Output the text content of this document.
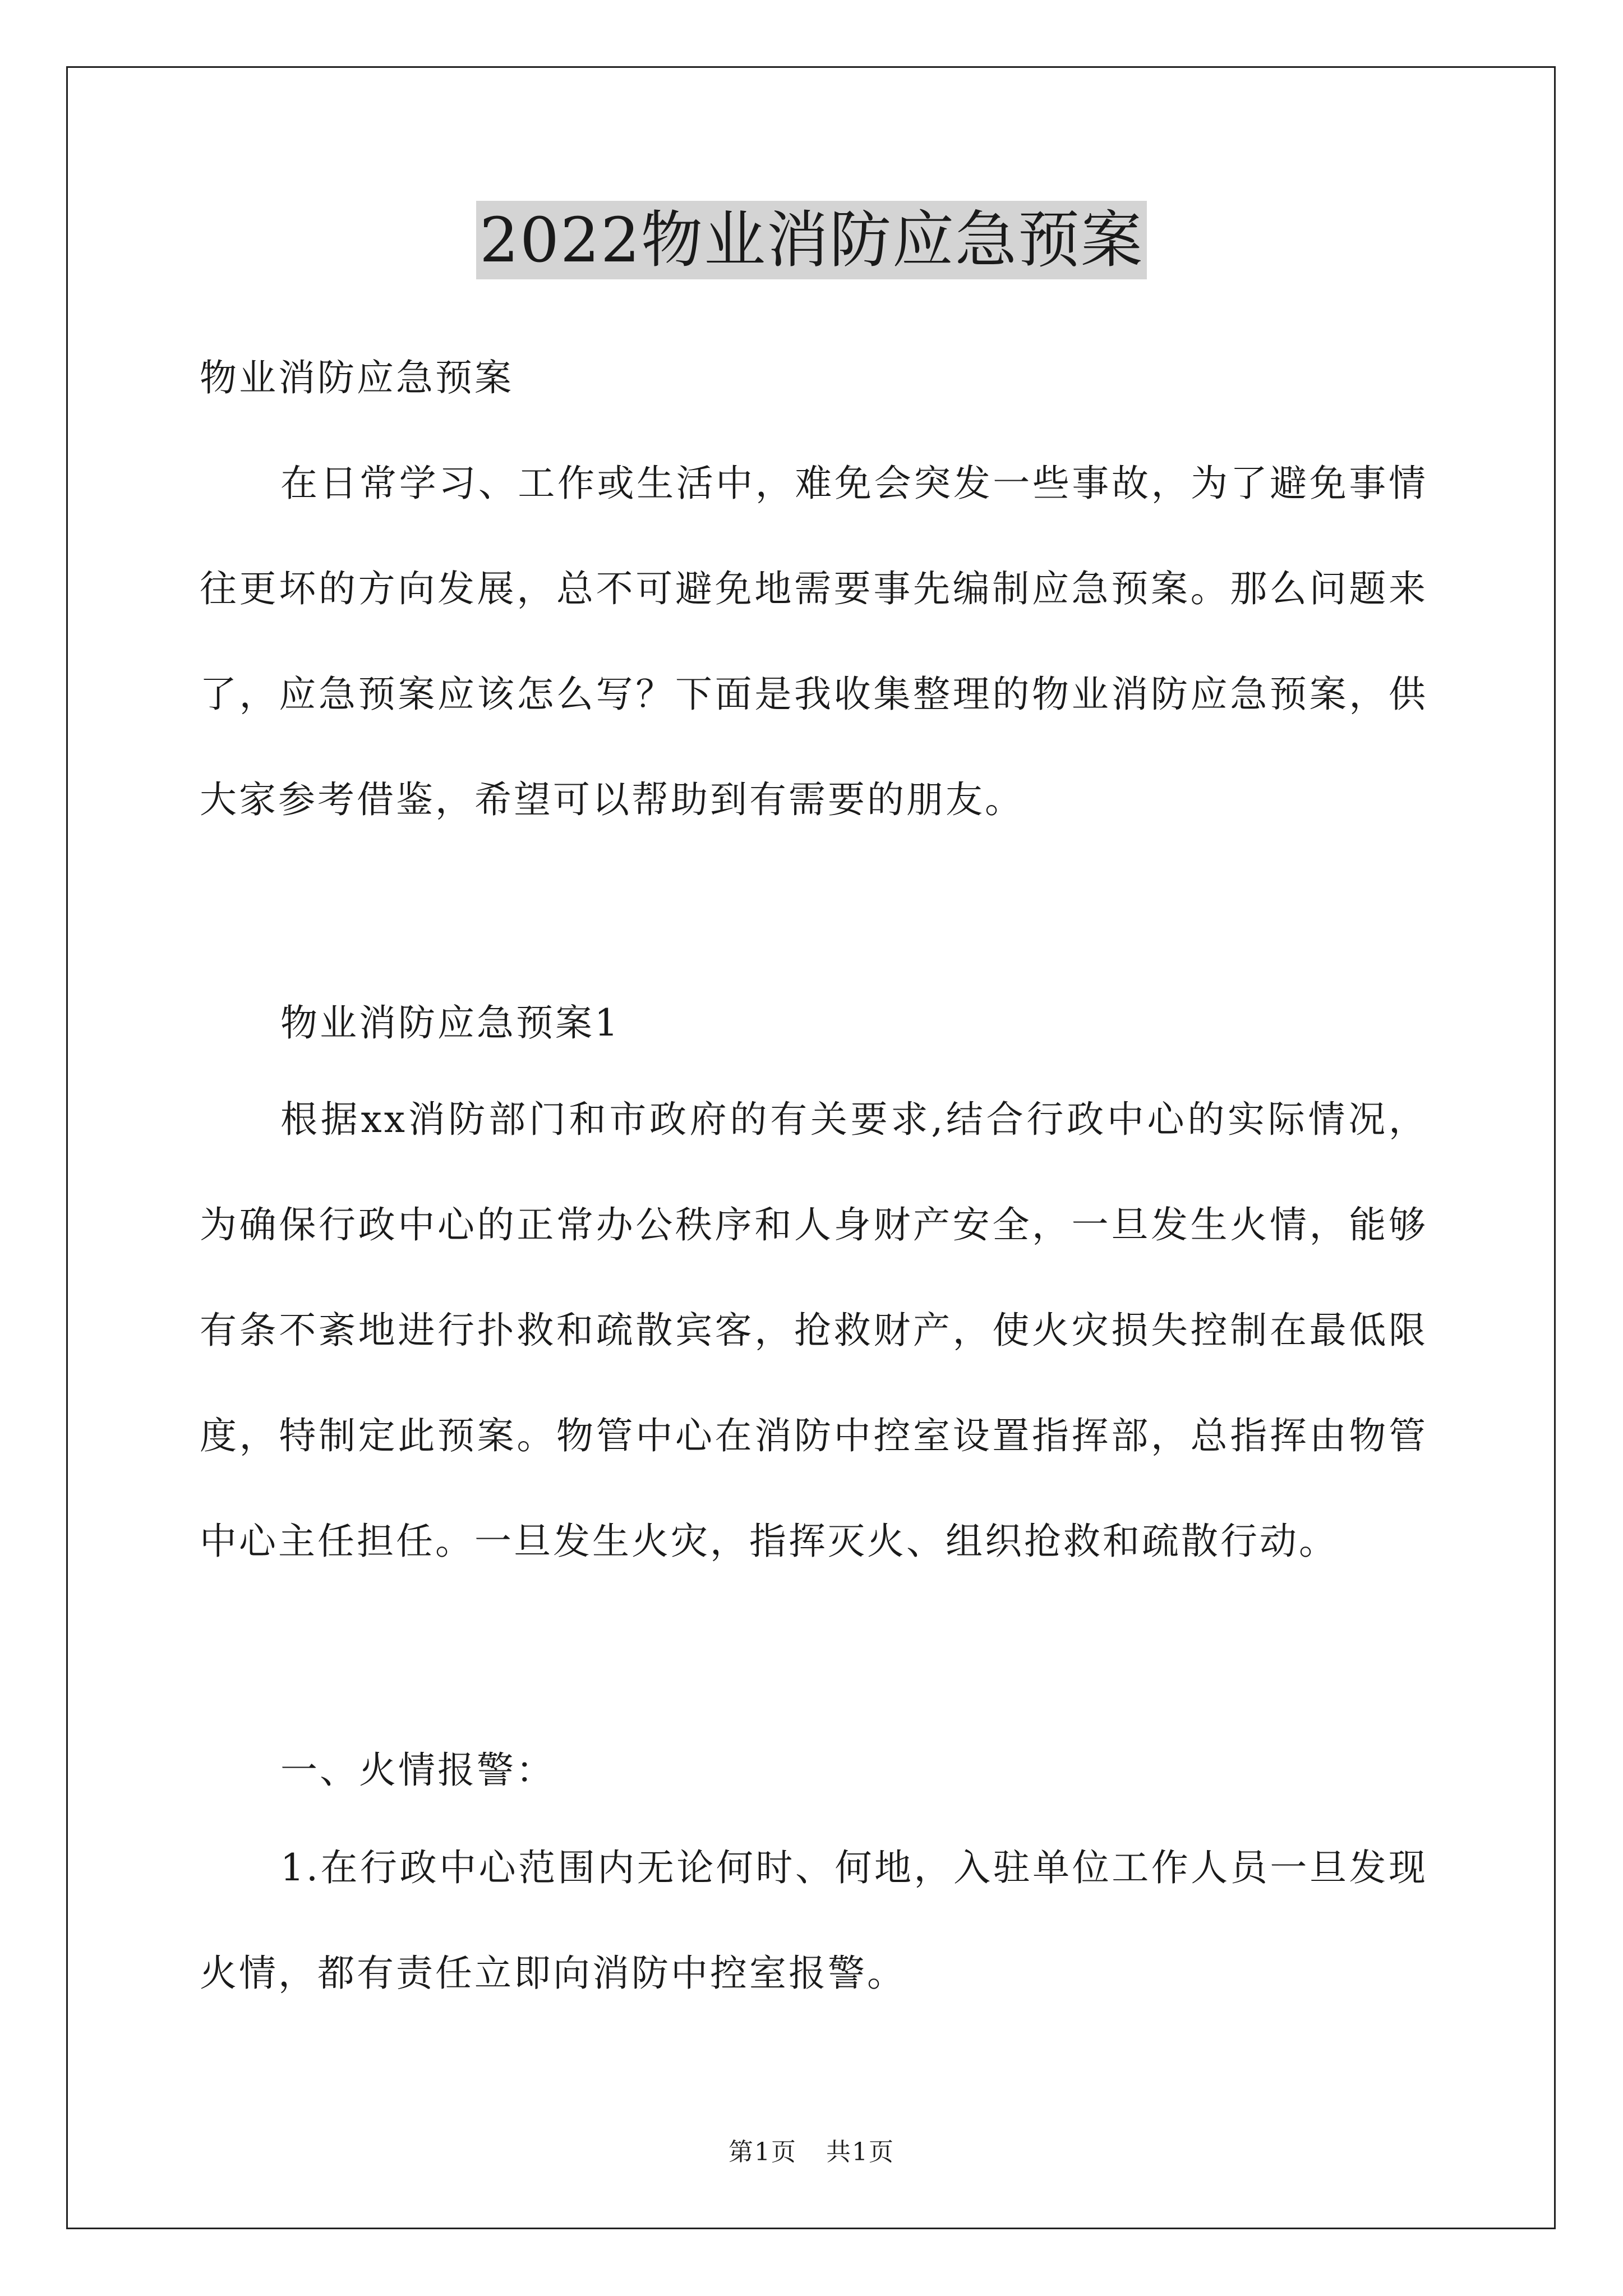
2022物业消防应急预案

物业消防应急预案

在日常学习、工作或生活中，难免会突发一些事故，为了避免事情往更坏的方向发展，总不可避免地需要事先编制应急预案。那么问题来了，应急预案应该怎么写？下面是我收集整理的物业消防应急预案，供大家参考借鉴，希望可以帮助到有需要的朋友。

物业消防应急预案1

根据xx消防部门和市政府的有关要求,结合行政中心的实际情况，为确保行政中心的正常办公秩序和人身财产安全，一旦发生火情，能够有条不紊地进行扑救和疏散宾客，抢救财产，使火灾损失控制在最低限度，特制定此预案。物管中心在消防中控室设置指挥部，总指挥由物管中心主任担任。一旦发生火灾，指挥灭火、组织抢救和疏散行动。

一、火情报警：

1.在行政中心范围内无论何时、何地，入驻单位工作人员一旦发现火情，都有责任立即向消防中控室报警。

第1页 共1页
